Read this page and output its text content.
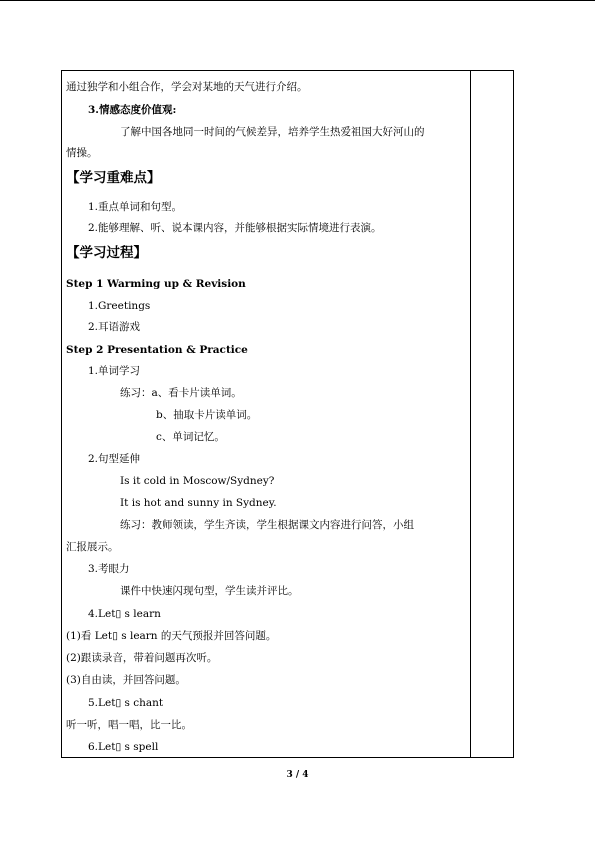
通过独学和小组合作，学会对某地的天气进行介绍。
3.情感态度价值观:
了解中国各地同一时间的气候差异，培养学生热爱祖国大好河山的
情操。
【学习重难点】
1.重点单词和句型。
2.能够理解、听、说本课内容，并能够根据实际情境进行表演。
【学习过程】
Step 1 Warming up & Revision
1.Greetings
2.耳语游戏
Step 2 Presentation & Practice
1.单词学习
练习：a、看卡片读单词。
b、抽取卡片读单词。
c、单词记忆。
2.句型延伸
Is it cold in Moscow/Sydney?
It is hot and sunny in Sydney.
练习：教师领读，学生齐读，学生根据课文内容进行问答，小组
汇报展示。
3.考眼力
课件中快速闪现句型，学生读并评比。
4.Let▯ s learn
(1)看 Let▯ s learn 的天气预报并回答问题。
(2)跟读录音，带着问题再次听。
(3)自由读，并回答问题。
5.Let▯ s chant
听一听，唱一唱，比一比。
6.Let▯ s spell
3 / 4
